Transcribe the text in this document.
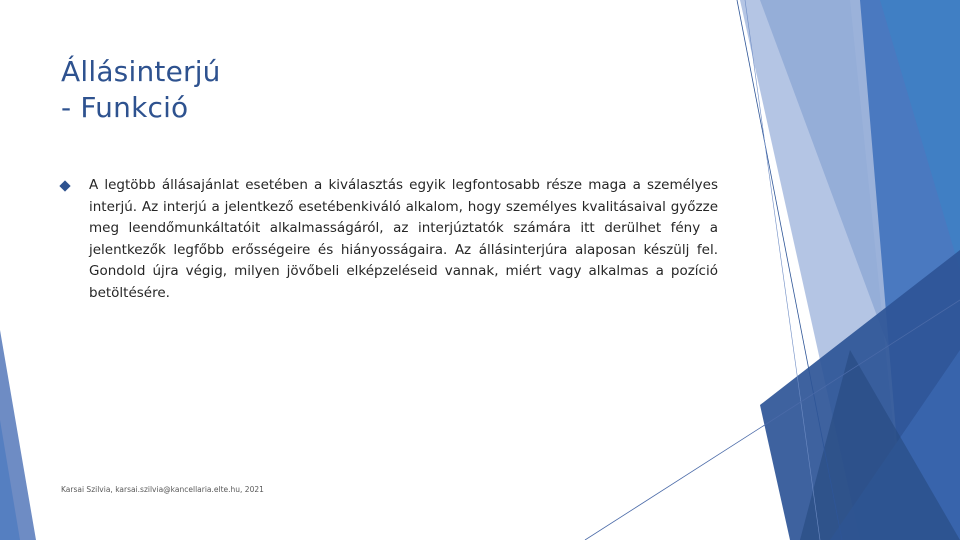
Állásinterjú
- Funkció
A legtöbb állásajánlat esetében a kiválasztás egyik legfontosabb része maga a személyes interjú. Az interjú a jelentkező esetébenkiváló alkalom, hogy személyes kvalitásaival győzze meg leendőmunkáltatóit alkalmasságáról, az interjúztatók számára itt derülhet fény a jelentkezők legfőbb erősségeire és hiányosságaira. Az állásinterjúra alaposan készülj fel. Gondold újra végig, milyen jövőbeli elképzeléseid vannak, miért vagy alkalmas a pozíció betöltésére.
Karsai Szilvia, karsai.szilvia@kancellaria.elte.hu, 2021
